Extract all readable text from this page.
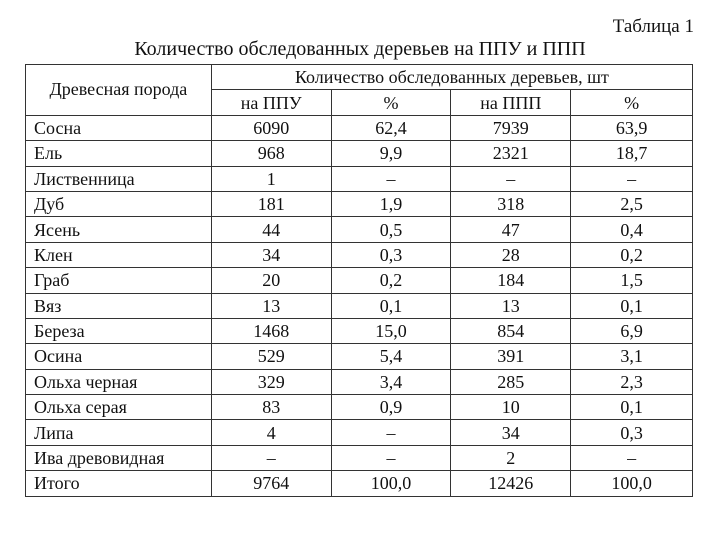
Таблица 1
Количество обследованных деревьев на ППУ и ППП
Древесная порода	Количество обследованных деревьев, шт			
	на ППУ	%	на ППП	%
Сосна	6090	62,4	7939	63,9
Ель	968	9,9	2321	18,7
Лиственница	1	–	–	–
Дуб	181	1,9	318	2,5
Ясень	44	0,5	47	0,4
Клен	34	0,3	28	0,2
Граб	20	0,2	184	1,5
Вяз	13	0,1	13	0,1
Береза	1468	15,0	854	6,9
Осина	529	5,4	391	3,1
Ольха черная	329	3,4	285	2,3
Ольха серая	83	0,9	10	0,1
Липа	4	–	34	0,3
Ива древовидная	–	–	2	–
Итого	9764	100,0	12426	100,0
